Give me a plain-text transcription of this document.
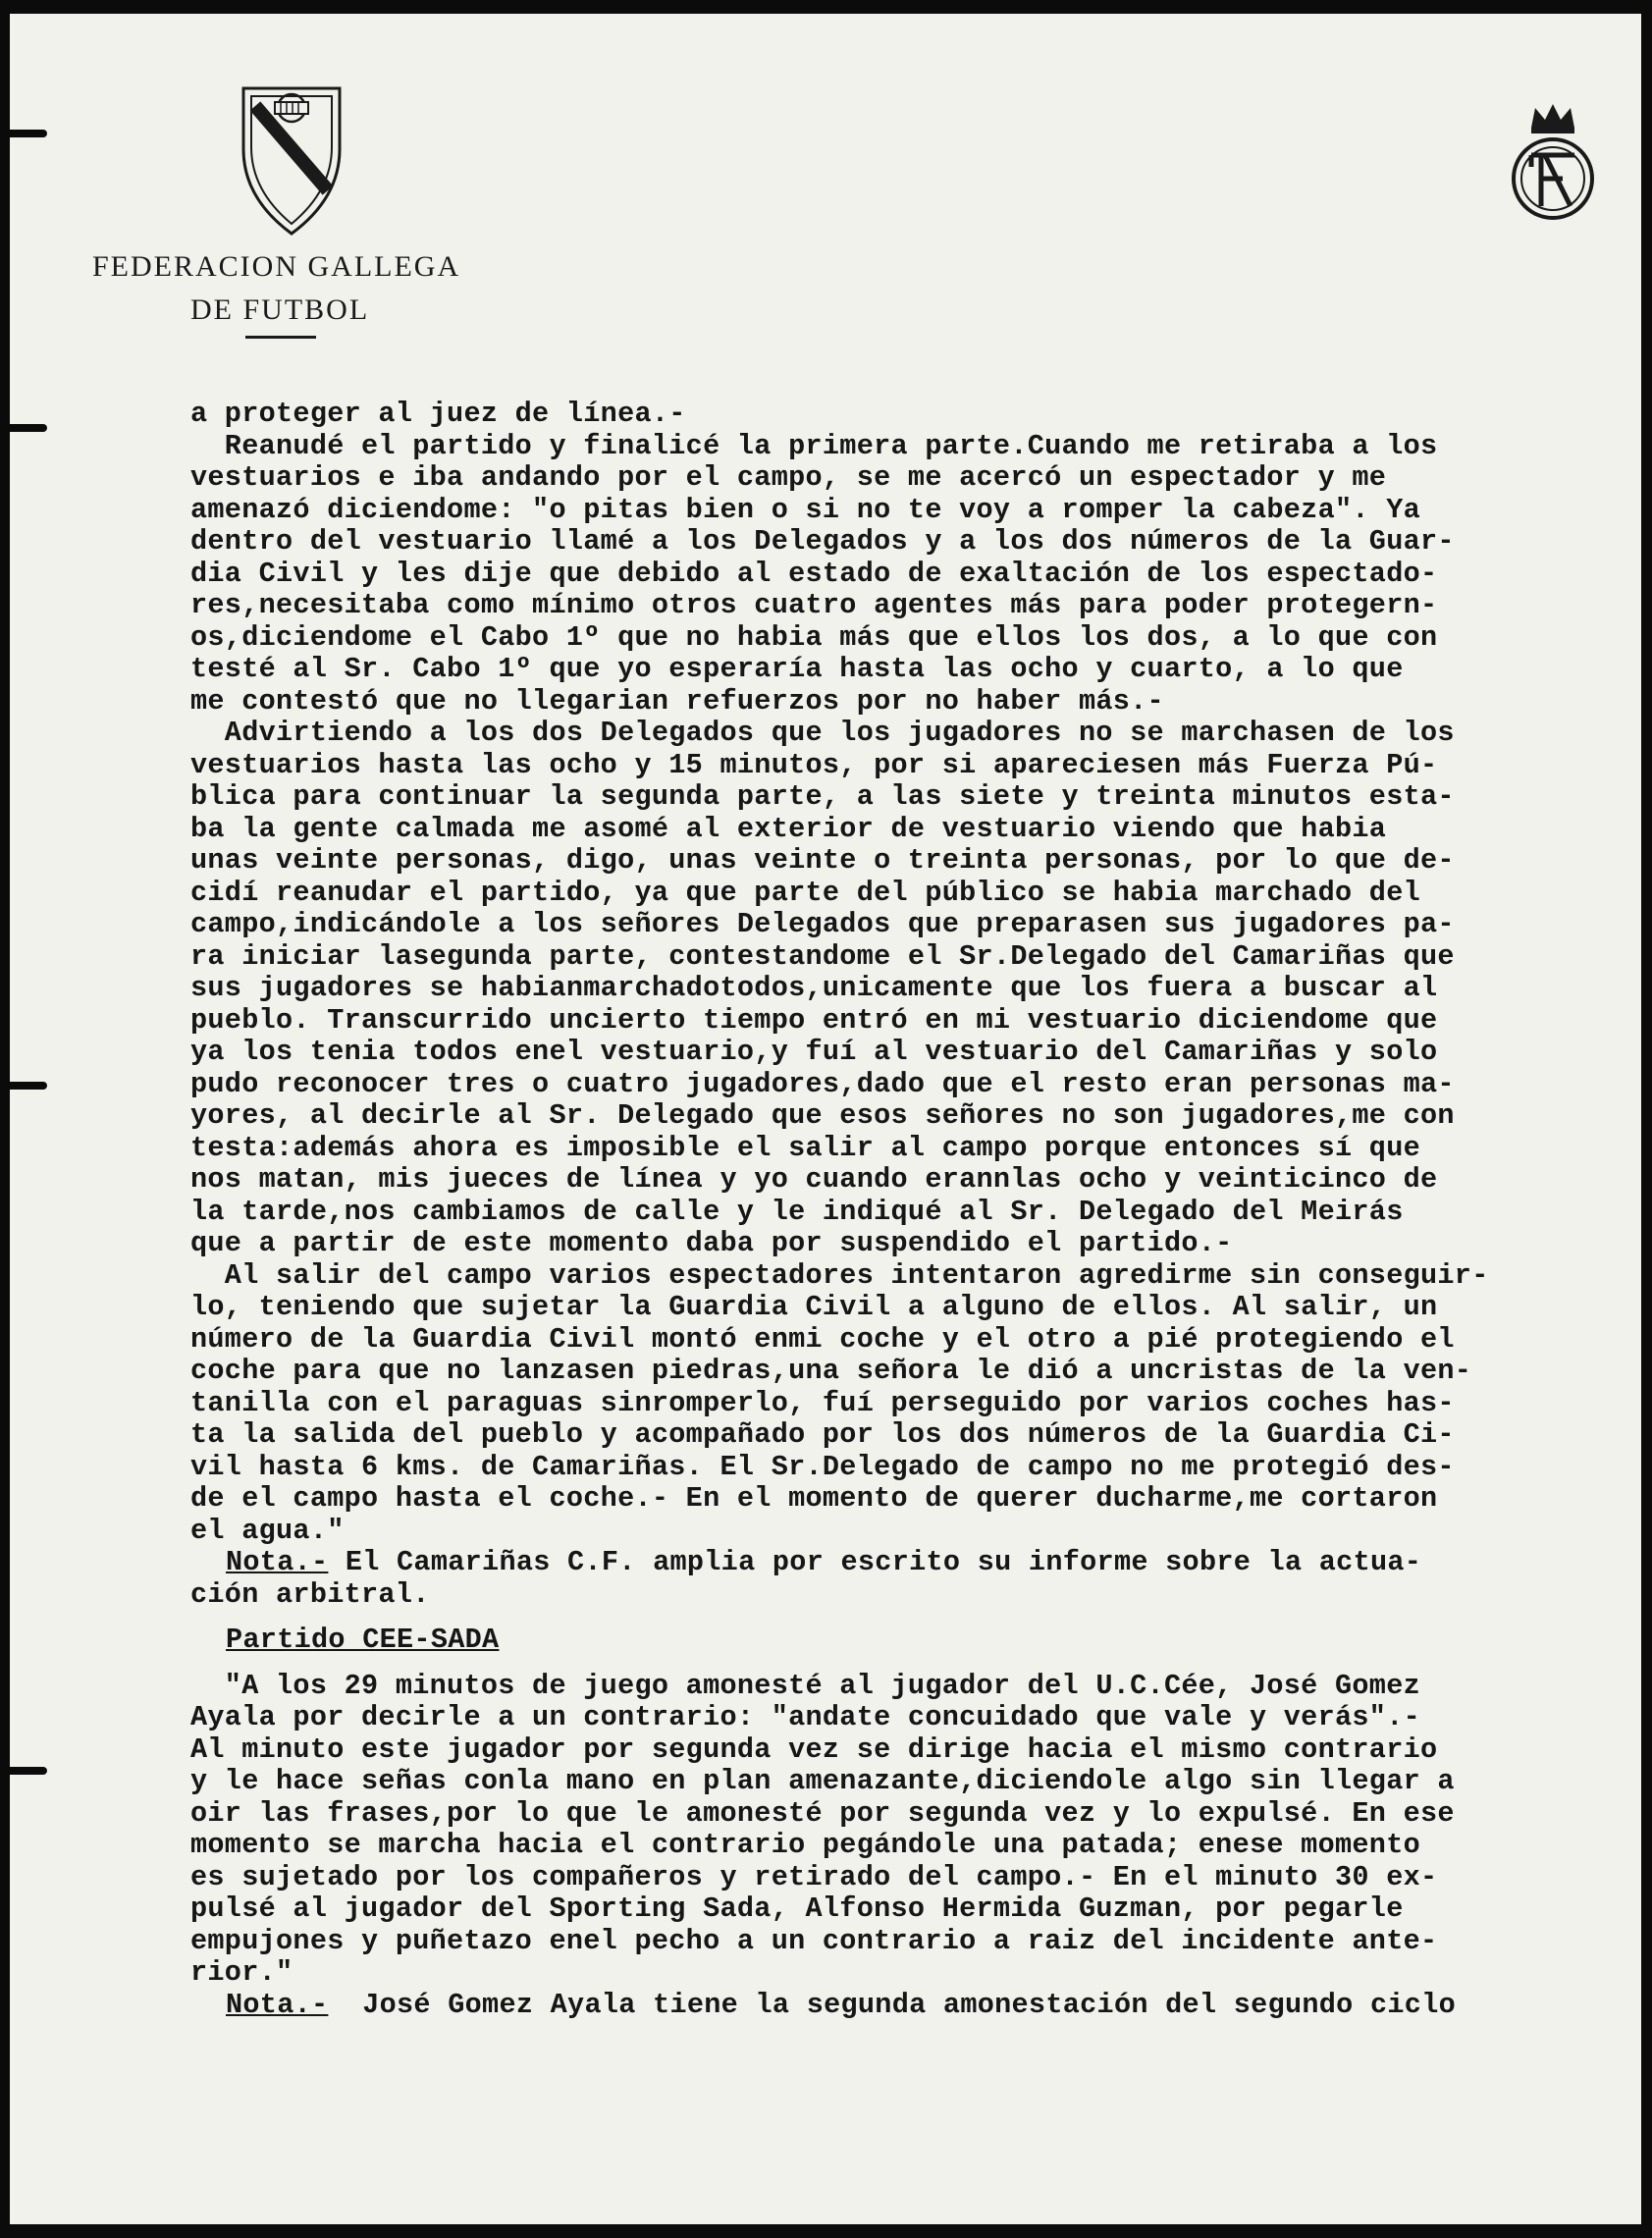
FEDERACION GALLEGA
DE FUTBOL
a proteger al juez de línea.-
Reanudé el partido y finalicé la primera parte.Cuando me retiraba a los
vestuarios e iba andando por el campo, se me acercó un espectador y me
amenazó diciendome: "o pitas bien o si no te voy a romper la cabeza". Ya
dentro del vestuario llamé a los Delegados y a los dos números de la Guar-
dia Civil y les dije que debido al estado de exaltación de los espectado-
res,necesitaba como mínimo otros cuatro agentes más para poder protegern-
os,diciendome el Cabo 1º que no habia más que ellos los dos, a lo que con
testé al Sr. Cabo 1º que yo esperaría hasta las ocho y cuarto, a lo que
me contestó que no llegarian refuerzos por no haber más.-
Advirtiendo a los dos Delegados que los jugadores no se marchasen de los
vestuarios hasta las ocho y 15 minutos, por si apareciesen más Fuerza Pú-
blica para continuar la segunda parte, a las siete y treinta minutos esta-
ba la gente calmada me asomé al exterior de vestuario viendo que habia
unas veinte personas, digo, unas veinte o treinta personas, por lo que de-
cidí reanudar el partido, ya que parte del público se habia marchado del
campo,indicándole a los señores Delegados que preparasen sus jugadores pa-
ra iniciar lasegunda parte, contestandome el Sr.Delegado del Camariñas que
sus jugadores se habianmarchadotodos,unicamente que los fuera a buscar al
pueblo. Transcurrido uncierto tiempo entró en mi vestuario diciendome que
ya los tenia todos enel vestuario,y fuí al vestuario del Camariñas y solo
pudo reconocer tres o cuatro jugadores,dado que el resto eran personas ma-
yores, al decirle al Sr. Delegado que esos señores no son jugadores,me con
testa:además ahora es imposible el salir al campo porque entonces sí que
nos matan, mis jueces de línea y yo cuando erannlas ocho y veinticinco de
la tarde,nos cambiamos de calle y le indiqué al Sr. Delegado del Meirás
que a partir de este momento daba por suspendido el partido.-
Al salir del campo varios espectadores intentaron agredirme sin conseguir-
lo, teniendo que sujetar la Guardia Civil a alguno de ellos. Al salir, un
número de la Guardia Civil montó enmi coche y el otro a pié protegiendo el
coche para que no lanzasen piedras,una señora le dió a uncristas de la ven-
tanilla con el paraguas sinromperlo, fuí perseguido por varios coches has-
ta la salida del pueblo y acompañado por los dos números de la Guardia Ci-
vil hasta 6 kms. de Camariñas. El Sr.Delegado de campo no me protegió des-
de el campo hasta el coche.- En el momento de querer ducharme,me cortaron
el agua."
Nota.- El Camariñas C.F. amplia por escrito su informe sobre la actua-
ción arbitral.
Partido CEE-SADA
"A los 29 minutos de juego amonesté al jugador del U.C.Cée, José Gomez
Ayala por decirle a un contrario: "andate concuidado que vale y verás".-
Al minuto este jugador por segunda vez se dirige hacia el mismo contrario
y le hace señas conla mano en plan amenazante,diciendole algo sin llegar a
oir las frases,por lo que le amonesté por segunda vez y lo expulsé. En ese
momento se marcha hacia el contrario pegándole una patada; enese momento
es sujetado por los compañeros y retirado del campo.- En el minuto 30 ex-
pulsé al jugador del Sporting Sada, Alfonso Hermida Guzman, por pegarle
empujones y puñetazo enel pecho a un contrario a raiz del incidente ante-
rior."
Nota.-  José Gomez Ayala tiene la segunda amonestación del segundo ciclo
